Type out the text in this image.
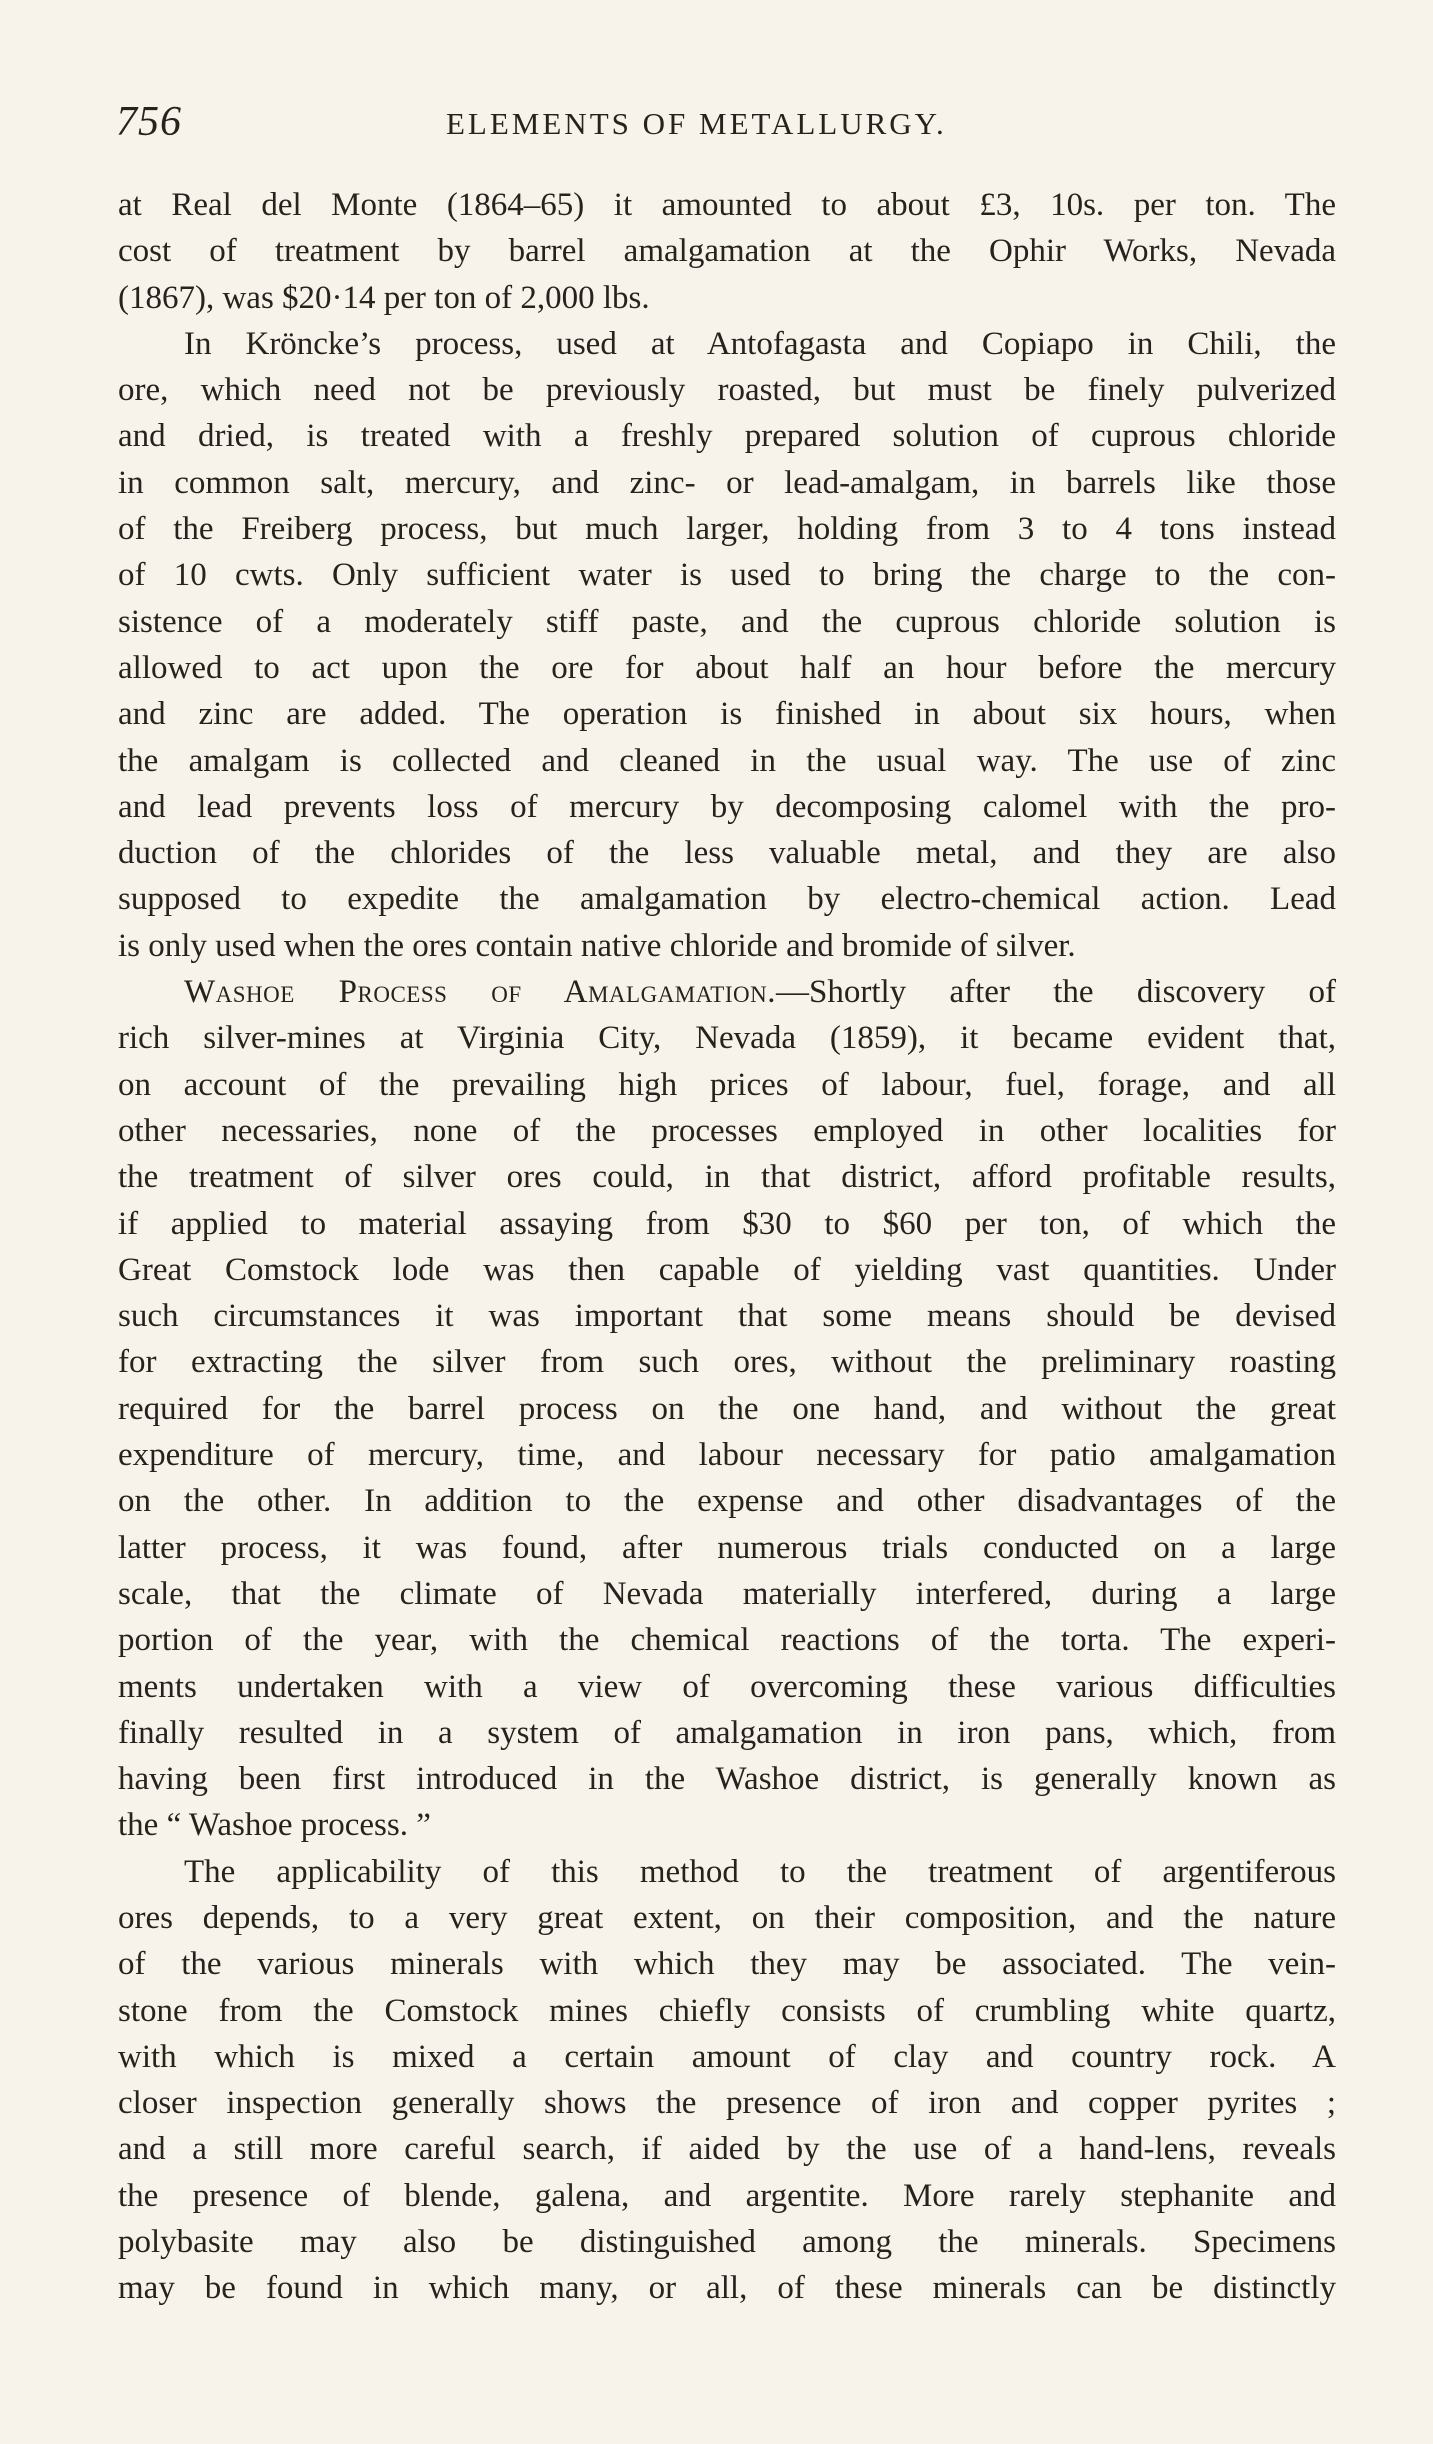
756	ELEMENTS OF METALLURGY.
at Real del Monte (1864–65) it amounted to about £3, 10s. per ton. The
cost of treatment by barrel amalgamation at the Ophir Works, Nevada
(1867), was $20·14 per ton of 2,000 lbs.
In Kröncke’s process, used at Antofagasta and Copiapo in Chili, the
ore, which need not be previously roasted, but must be finely pulverized
and dried, is treated with a freshly prepared solution of cuprous chloride
in common salt, mercury, and zinc- or lead-amalgam, in barrels like those
of the Freiberg process, but much larger, holding from 3 to 4 tons instead
of 10 cwts. Only sufficient water is used to bring the charge to the con-
sistence of a moderately stiff paste, and the cuprous chloride solution is
allowed to act upon the ore for about half an hour before the mercury
and zinc are added. The operation is finished in about six hours, when
the amalgam is collected and cleaned in the usual way. The use of zinc
and lead prevents loss of mercury by decomposing calomel with the pro-
duction of the chlorides of the less valuable metal, and they are also
supposed to expedite the amalgamation by electro-chemical action. Lead
is only used when the ores contain native chloride and bromide of silver.
Washoe Process of Amalgamation.—Shortly after the discovery of
rich silver-mines at Virginia City, Nevada (1859), it became evident that,
on account of the prevailing high prices of labour, fuel, forage, and all
other necessaries, none of the processes employed in other localities for
the treatment of silver ores could, in that district, afford profitable results,
if applied to material assaying from $30 to $60 per ton, of which the
Great Comstock lode was then capable of yielding vast quantities. Under
such circumstances it was important that some means should be devised
for extracting the silver from such ores, without the preliminary roasting
required for the barrel process on the one hand, and without the great
expenditure of mercury, time, and labour necessary for patio amalgamation
on the other. In addition to the expense and other disadvantages of the
latter process, it was found, after numerous trials conducted on a large
scale, that the climate of Nevada materially interfered, during a large
portion of the year, with the chemical reactions of the torta. The experi-
ments undertaken with a view of overcoming these various difficulties
finally resulted in a system of amalgamation in iron pans, which, from
having been first introduced in the Washoe district, is generally known as
the “ Washoe process. ”
The applicability of this method to the treatment of argentiferous
ores depends, to a very great extent, on their composition, and the nature
of the various minerals with which they may be associated. The vein-
stone from the Comstock mines chiefly consists of crumbling white quartz,
with which is mixed a certain amount of clay and country rock. A
closer inspection generally shows the presence of iron and copper pyrites ;
and a still more careful search, if aided by the use of a hand-lens, reveals
the presence of blende, galena, and argentite. More rarely stephanite and
polybasite may also be distinguished among the minerals. Specimens
may be found in which many, or all, of these minerals can be distinctly
